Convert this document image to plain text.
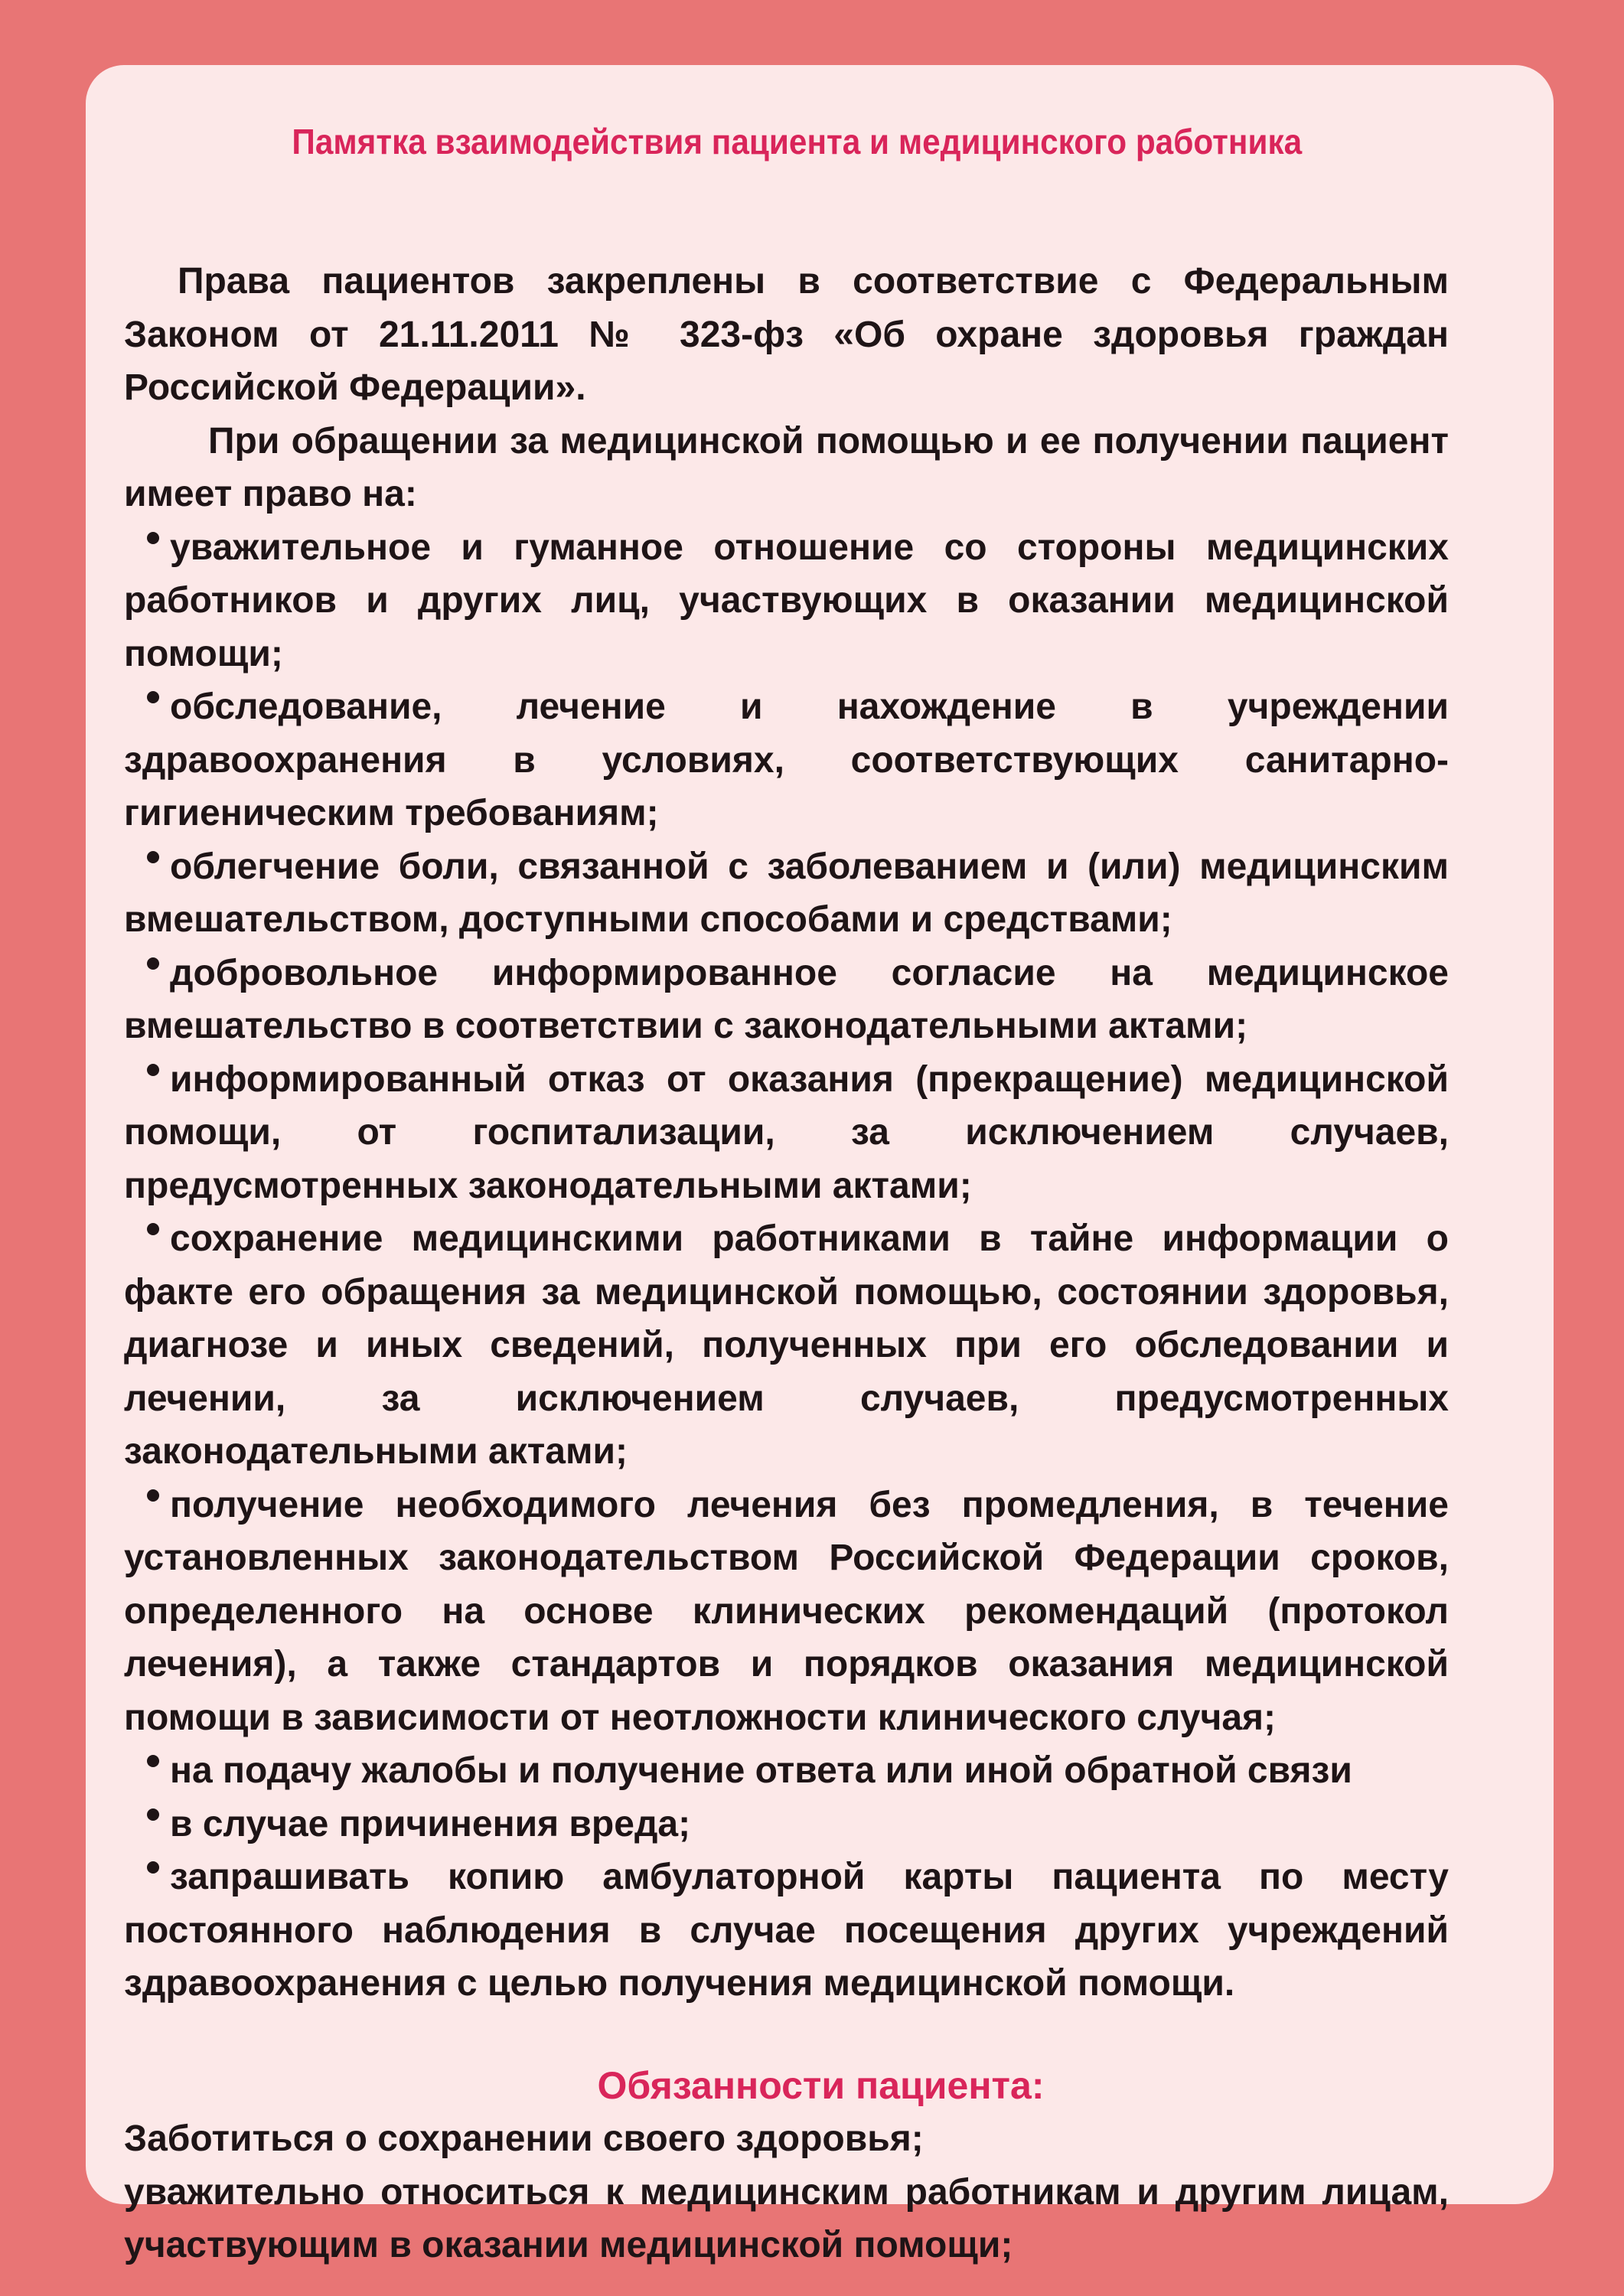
Памятка взаимодействия пациента и медицинского работника

Права пациентов закреплены в соответствие с Федеральным Законом от 21.11.2011 № 323-фз «Об охране здоровья граждан Российской Федерации».

При обращении за медицинской помощью и ее получении пациент имеет право на:

уважительное и гуманное отношение со стороны медицинских работников и других лиц, участвующих в оказании медицинской помощи;
обследование, лечение и нахождение в учреждении здравоохранения в условиях, соответствующих санитарно-гигиеническим требованиям;
облегчение боли, связанной с заболеванием и (или) медицинским вмешательством, доступными способами и средствами;
добровольное информированное согласие на медицинское вмешательство в соответствии с законодательными актами;
информированный отказ от оказания (прекращение) медицинской помощи, от госпитализации, за исключением случаев, предусмотренных законодательными актами;
сохранение медицинскими работниками в тайне информации о факте его обращения за медицинской помощью, состоянии здоровья, диагнозе и иных сведений, полученных при его обследовании и лечении, за исключением случаев, предусмотренных законодательными актами;
получение необходимого лечения без промедления, в течение установленных законодательством Российской Федерации сроков, определенного на основе клинических рекомендаций (протокол лечения), а также стандартов и порядков оказания медицинской помощи в зависимости от неотложности клинического случая;
на подачу жалобы и получение ответа или иной обратной связи
в случае причинения вреда;
запрашивать копию амбулаторной карты пациента по месту постоянного наблюдения в случае посещения других учреждений здравоохранения с целью получения медицинской помощи.
Обязанности пациента:
Заботиться о сохранении своего здоровья;
уважительно относиться к медицинским работникам и другим лицам, участвующим в оказании медицинской помощи;
